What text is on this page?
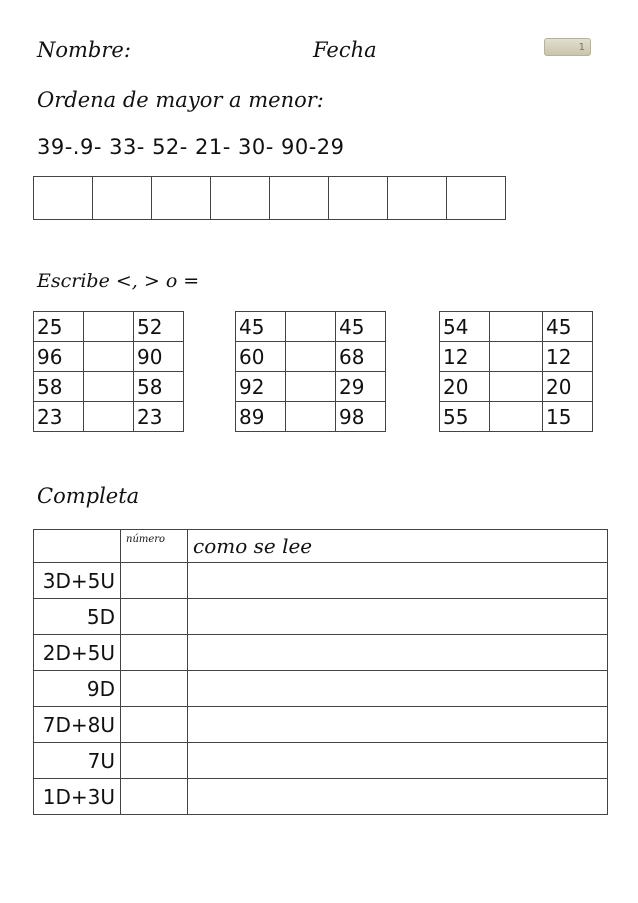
Nombre:	Fecha	1
Ordena de mayor a menor:
39-.9- 33- 52- 21- 30- 90-29

Escribe <, > o =
25		52
96		90
58		58
23		23
45		45
60		68
92		29
89		98
54		45
12		12
20		20
55		15
Completa
	número	como se lee
3D+5U		
5D		
2D+5U		
9D		
7D+8U		
7U		
1D+3U		
